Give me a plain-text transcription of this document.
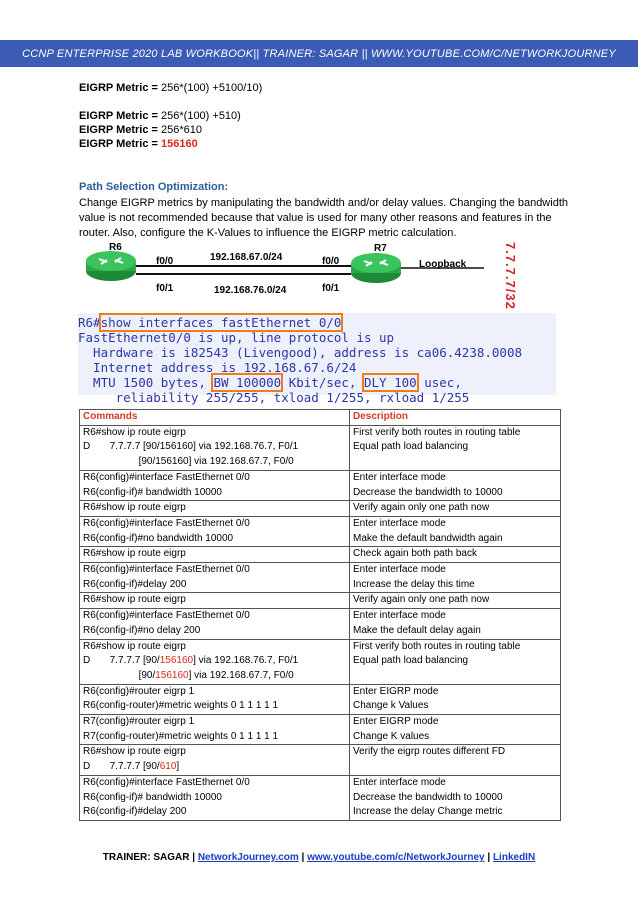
CCNP ENTERPRISE 2020 LAB WORKBOOK|| TRAINER: SAGAR || WWW.YOUTUBE.COM/C/NETWORKJOURNEY
EIGRP Metric = 256*(100) +5100/10)
EIGRP Metric = 256*(100) +510)
EIGRP Metric = 256*610
EIGRP Metric = 156160
Path Selection Optimization:
Change EIGRP metrics by manipulating the bandwidth and/or delay values. Changing the bandwidth value is not recommended because that value is used for many other reasons and features in the router. Also, configure the K-Values to influence the EIGRP metric calculation.
R6	R7
f0/0
f0/1
f0/0
f0/1
192.168.67.0/24
192.168.76.0/24
Loopback	7.7.7.7/32
R6#show interfaces fastEthernet 0/0
FastEthernet0/0 is up, line protocol is up
Hardware is i82543 (Livengood), address is ca06.4238.0008
Internet address is 192.168.67.6/24
MTU 1500 bytes, BW 100000 Kbit/sec, DLY 100 usec,
reliability 255/255, txload 1/255, rxload 1/255
Commands	Description

R6#show ip route eigrp
D       7.7.7.7 [90/156160] via 192.168.76.7, F0/1
[90/156160] via 192.168.67.7, F0/0	First verify both routes in routing table
Equal path load balancing

R6(config)#interface FastEthernet 0/0
R6(config-if)# bandwidth 10000	Enter interface mode
Decrease the bandwidth to 10000

R6#show ip route eigrp	Verify again only one path now

R6(config)#interface FastEthernet 0/0
R6(config-if)#no bandwidth 10000	Enter interface mode
Make the default bandwidth again

R6#show ip route eigrp	Check again both path back

R6(config)#interface FastEthernet 0/0
R6(config-if)#delay 200	Enter interface mode
Increase the delay this time

R6#show ip route eigrp	Verify again only one path now

R6(config)#interface FastEthernet 0/0
R6(config-if)#no delay 200	Enter interface mode
Make the default delay again

R6#show ip route eigrp
D       7.7.7.7 [90/156160] via 192.168.76.7, F0/1
[90/156160] via 192.168.67.7, F0/0	First verify both routes in routing table
Equal path load balancing

R6(config)#router eigrp 1
R6(config-router)#metric weights 0 1 1 1 1 1	Enter EIGRP mode
Change k Values

R7(config)#router eigrp 1
R7(config-router)#metric weights 0 1 1 1 1 1	Enter EIGRP mode
Change K values

R6#show ip route eigrp
D       7.7.7.7 [90/610]	Verify the eigrp routes different FD

R6(config)#interface FastEthernet 0/0
R6(config-if)# bandwidth 10000
R6(config-if)#delay 200	Enter interface mode
Decrease the bandwidth to 10000
Increase the delay Change metric
TRAINER: SAGAR | NetworkJourney.com | www.youtube.com/c/NetworkJourney | LinkedIN
